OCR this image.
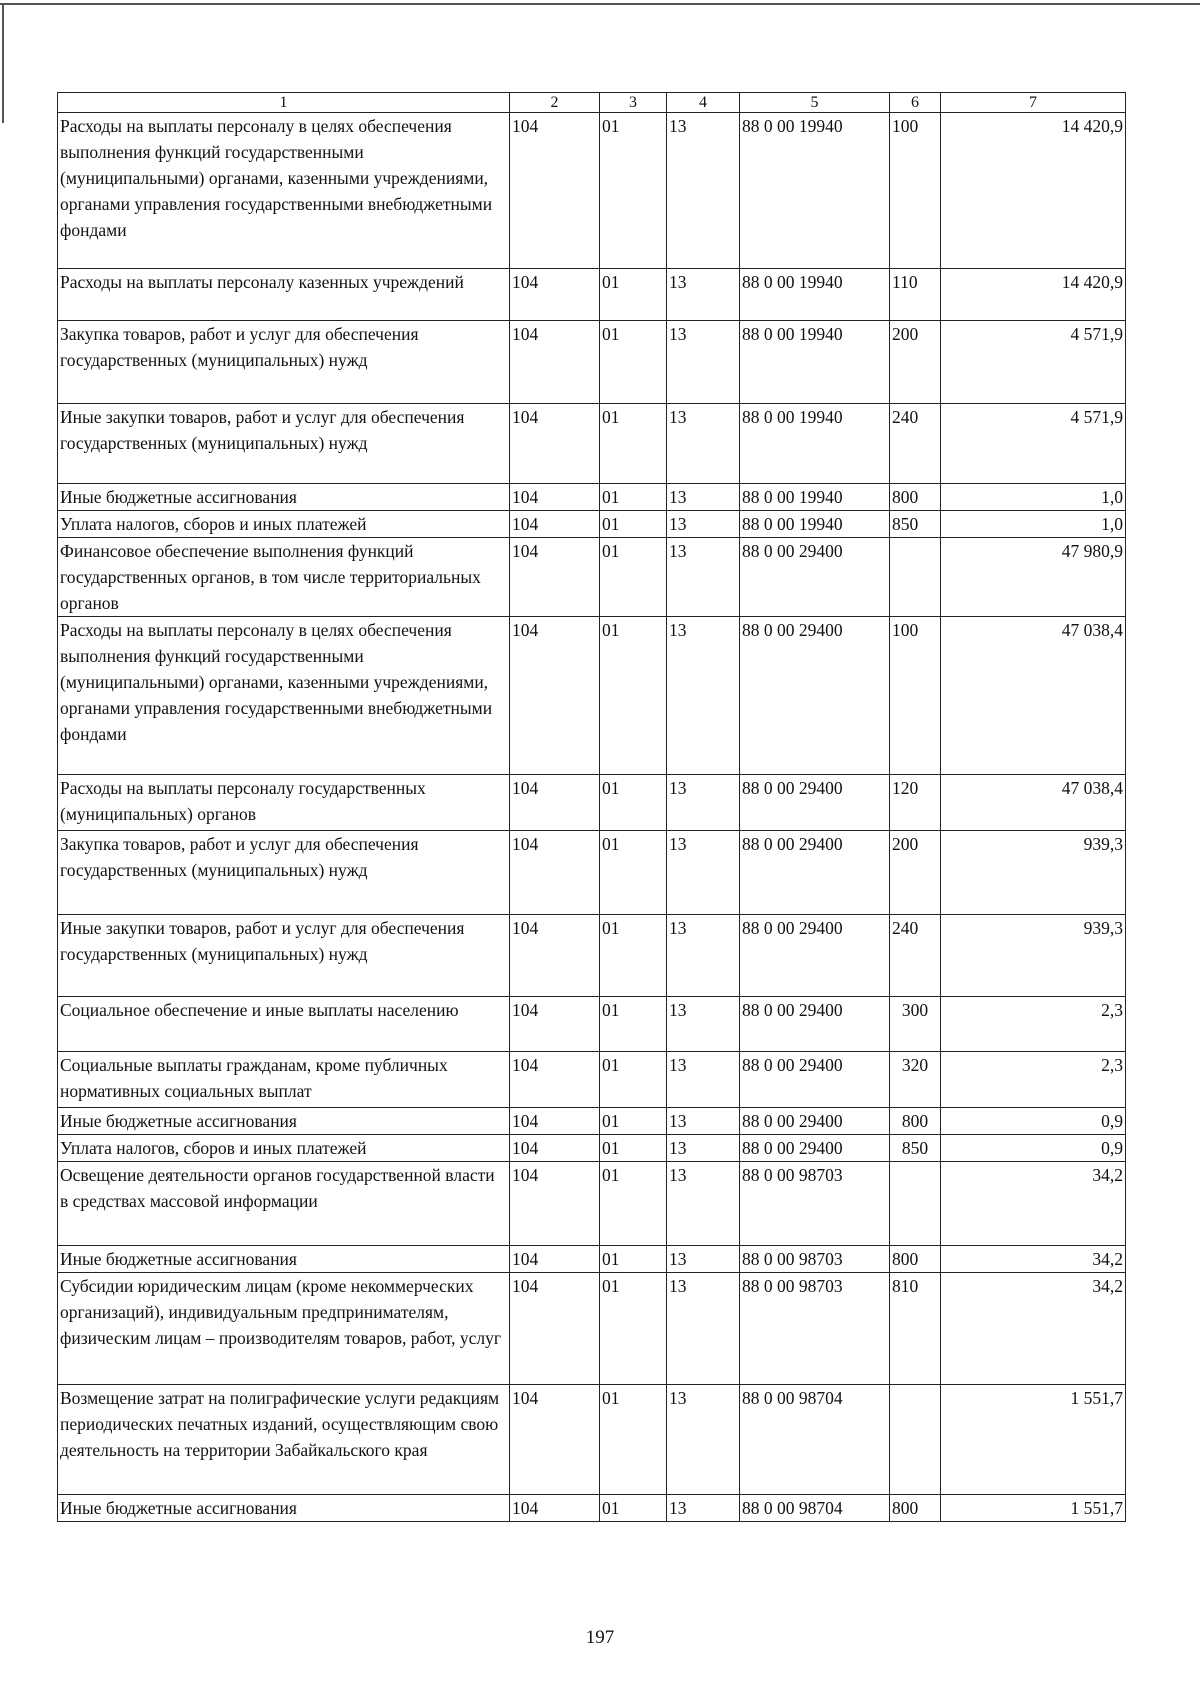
1	2	3	4	5	6	7
Расходы на выплаты персоналу в целях обеспечения выполнения функций государственными (муниципальными) органами, казенными учреждениями, органами управления государственными внебюджетными фондами	104	01	13	88 0 00 19940	100	14 420,9
Расходы на выплаты персоналу казенных учреждений	104	01	13	88 0 00 19940	110	14 420,9
Закупка товаров, работ и услуг для обеспечения государственных (муниципальных) нужд	104	01	13	88 0 00 19940	200	4 571,9
Иные закупки товаров, работ и услуг для обеспечения государственных (муниципальных) нужд	104	01	13	88 0 00 19940	240	4 571,9
Иные бюджетные ассигнования	104	01	13	88 0 00 19940	800	1,0
Уплата налогов, сборов и иных платежей	104	01	13	88 0 00 19940	850	1,0
Финансовое обеспечение выполнения функций государственных органов, в том числе территориальных органов	104	01	13	88 0 00 29400		47 980,9
Расходы на выплаты персоналу в целях обеспечения выполнения функций государственными (муниципальными) органами, казенными учреждениями, органами управления государственными внебюджетными фондами	104	01	13	88 0 00 29400	100	47 038,4
Расходы на выплаты персоналу государственных (муниципальных) органов	104	01	13	88 0 00 29400	120	47 038,4
Закупка товаров, работ и услуг для обеспечения государственных (муниципальных) нужд	104	01	13	88 0 00 29400	200	939,3
Иные закупки товаров, работ и услуг для обеспечения государственных (муниципальных) нужд	104	01	13	88 0 00 29400	240	939,3
Социальное обеспечение и иные выплаты населению	104	01	13	88 0 00 29400	300	2,3
Социальные выплаты гражданам, кроме публичных нормативных социальных выплат	104	01	13	88 0 00 29400	320	2,3
Иные бюджетные ассигнования	104	01	13	88 0 00 29400	800	0,9
Уплата налогов, сборов и иных платежей	104	01	13	88 0 00 29400	850	0,9
Освещение деятельности органов государственной власти в средствах массовой информации	104	01	13	88 0 00 98703		34,2
Иные бюджетные ассигнования	104	01	13	88 0 00 98703	800	34,2
Субсидии юридическим лицам (кроме некоммерческих организаций), индивидуальным предпринимателям, физическим лицам – производителям товаров, работ, услуг	104	01	13	88 0 00 98703	810	34,2
Возмещение затрат на полиграфические услуги редакциям периодических печатных изданий, осуществляющим свою деятельность на территории Забайкальского края	104	01	13	88 0 00 98704		1 551,7
Иные бюджетные ассигнования	104	01	13	88 0 00 98704	800	1 551,7
197
